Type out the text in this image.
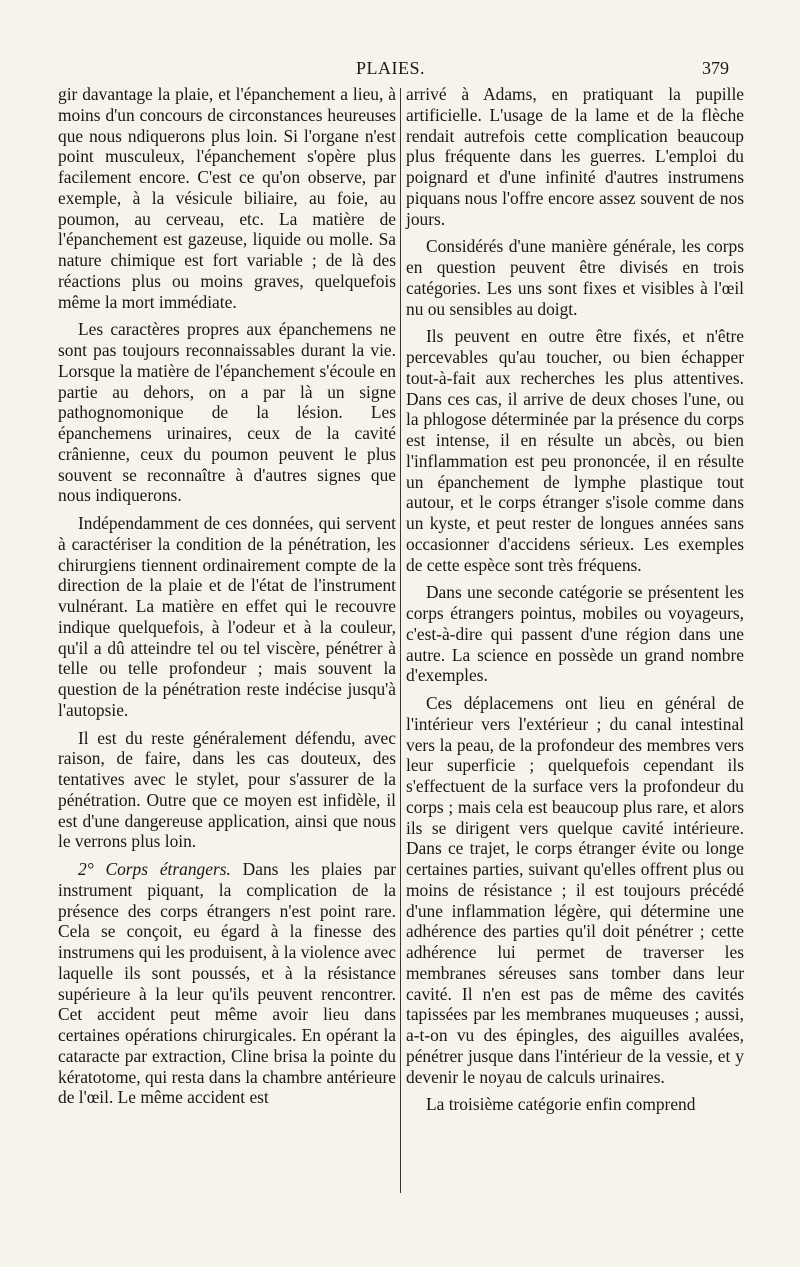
PLAIES.	379

gir davantage la plaie, et l'épanchement a lieu, à moins d'un concours de circonstances heureuses que nous ndiquerons plus loin. Si l'organe n'est point musculeux, l'épanchement s'opère plus facilement encore. C'est ce qu'on observe, par exemple, à la vésicule biliaire, au foie, au poumon, au cerveau, etc. La matière de l'épanchement est gazeuse, liquide ou molle. Sa nature chimique est fort variable ; de là des réactions plus ou moins graves, quelquefois même la mort immédiate.

Les caractères propres aux épanchemens ne sont pas toujours reconnaissables durant la vie. Lorsque la matière de l'épanchement s'écoule en partie au dehors, on a par là un signe pathognomonique de la lésion. Les épanchemens urinaires, ceux de la cavité crânienne, ceux du poumon peuvent le plus souvent se reconnaître à d'autres signes que nous indiquerons.

Indépendamment de ces données, qui servent à caractériser la condition de la pénétration, les chirurgiens tiennent ordinairement compte de la direction de la plaie et de l'état de l'instrument vulnérant. La matière en effet qui le recouvre indique quelquefois, à l'odeur et à la couleur, qu'il a dû atteindre tel ou tel viscère, pénétrer à telle ou telle profondeur ; mais souvent la question de la pénétration reste indécise jusqu'à l'autopsie.

Il est du reste généralement défendu, avec raison, de faire, dans les cas douteux, des tentatives avec le stylet, pour s'assurer de la pénétration. Outre que ce moyen est infidèle, il est d'une dangereuse application, ainsi que nous le verrons plus loin.

2° Corps étrangers. Dans les plaies par instrument piquant, la complication de la présence des corps étrangers n'est point rare. Cela se conçoit, eu égard à la finesse des instrumens qui les produisent, à la violence avec laquelle ils sont poussés, et à la résistance supérieure à la leur qu'ils peuvent rencontrer. Cet accident peut même avoir lieu dans certaines opérations chirurgicales. En opérant la cataracte par extraction, Cline brisa la pointe du kératotome, qui resta dans la chambre antérieure de l'œil. Le même accident est

arrivé à Adams, en pratiquant la pupille artificielle. L'usage de la lame et de la flèche rendait autrefois cette complication beaucoup plus fréquente dans les guerres. L'emploi du poignard et d'une infinité d'autres instrumens piquans nous l'offre encore assez souvent de nos jours.

Considérés d'une manière générale, les corps en question peuvent être divisés en trois catégories. Les uns sont fixes et visibles à l'œil nu ou sensibles au doigt.

Ils peuvent en outre être fixés, et n'être percevables qu'au toucher, ou bien échapper tout-à-fait aux recherches les plus attentives. Dans ces cas, il arrive de deux choses l'une, ou la phlogose déterminée par la présence du corps est intense, il en résulte un abcès, ou bien l'inflammation est peu prononcée, il en résulte un épanchement de lymphe plastique tout autour, et le corps étranger s'isole comme dans un kyste, et peut rester de longues années sans occasionner d'accidens sérieux. Les exemples de cette espèce sont très fréquens.

Dans une seconde catégorie se présentent les corps étrangers pointus, mobiles ou voyageurs, c'est-à-dire qui passent d'une région dans une autre. La science en possède un grand nombre d'exemples.

Ces déplacemens ont lieu en général de l'intérieur vers l'extérieur ; du canal intestinal vers la peau, de la profondeur des membres vers leur superficie ; quelquefois cependant ils s'effectuent de la surface vers la profondeur du corps ; mais cela est beaucoup plus rare, et alors ils se dirigent vers quelque cavité intérieure. Dans ce trajet, le corps étranger évite ou longe certaines parties, suivant qu'elles offrent plus ou moins de résistance ; il est toujours précédé d'une inflammation légère, qui détermine une adhérence des parties qu'il doit pénétrer ; cette adhérence lui permet de traverser les membranes séreuses sans tomber dans leur cavité. Il n'en est pas de même des cavités tapissées par les membranes muqueuses ; aussi, a-t-on vu des épingles, des aiguilles avalées, pénétrer jusque dans l'intérieur de la vessie, et y devenir le noyau de calculs urinaires.

La troisième catégorie enfin comprend
